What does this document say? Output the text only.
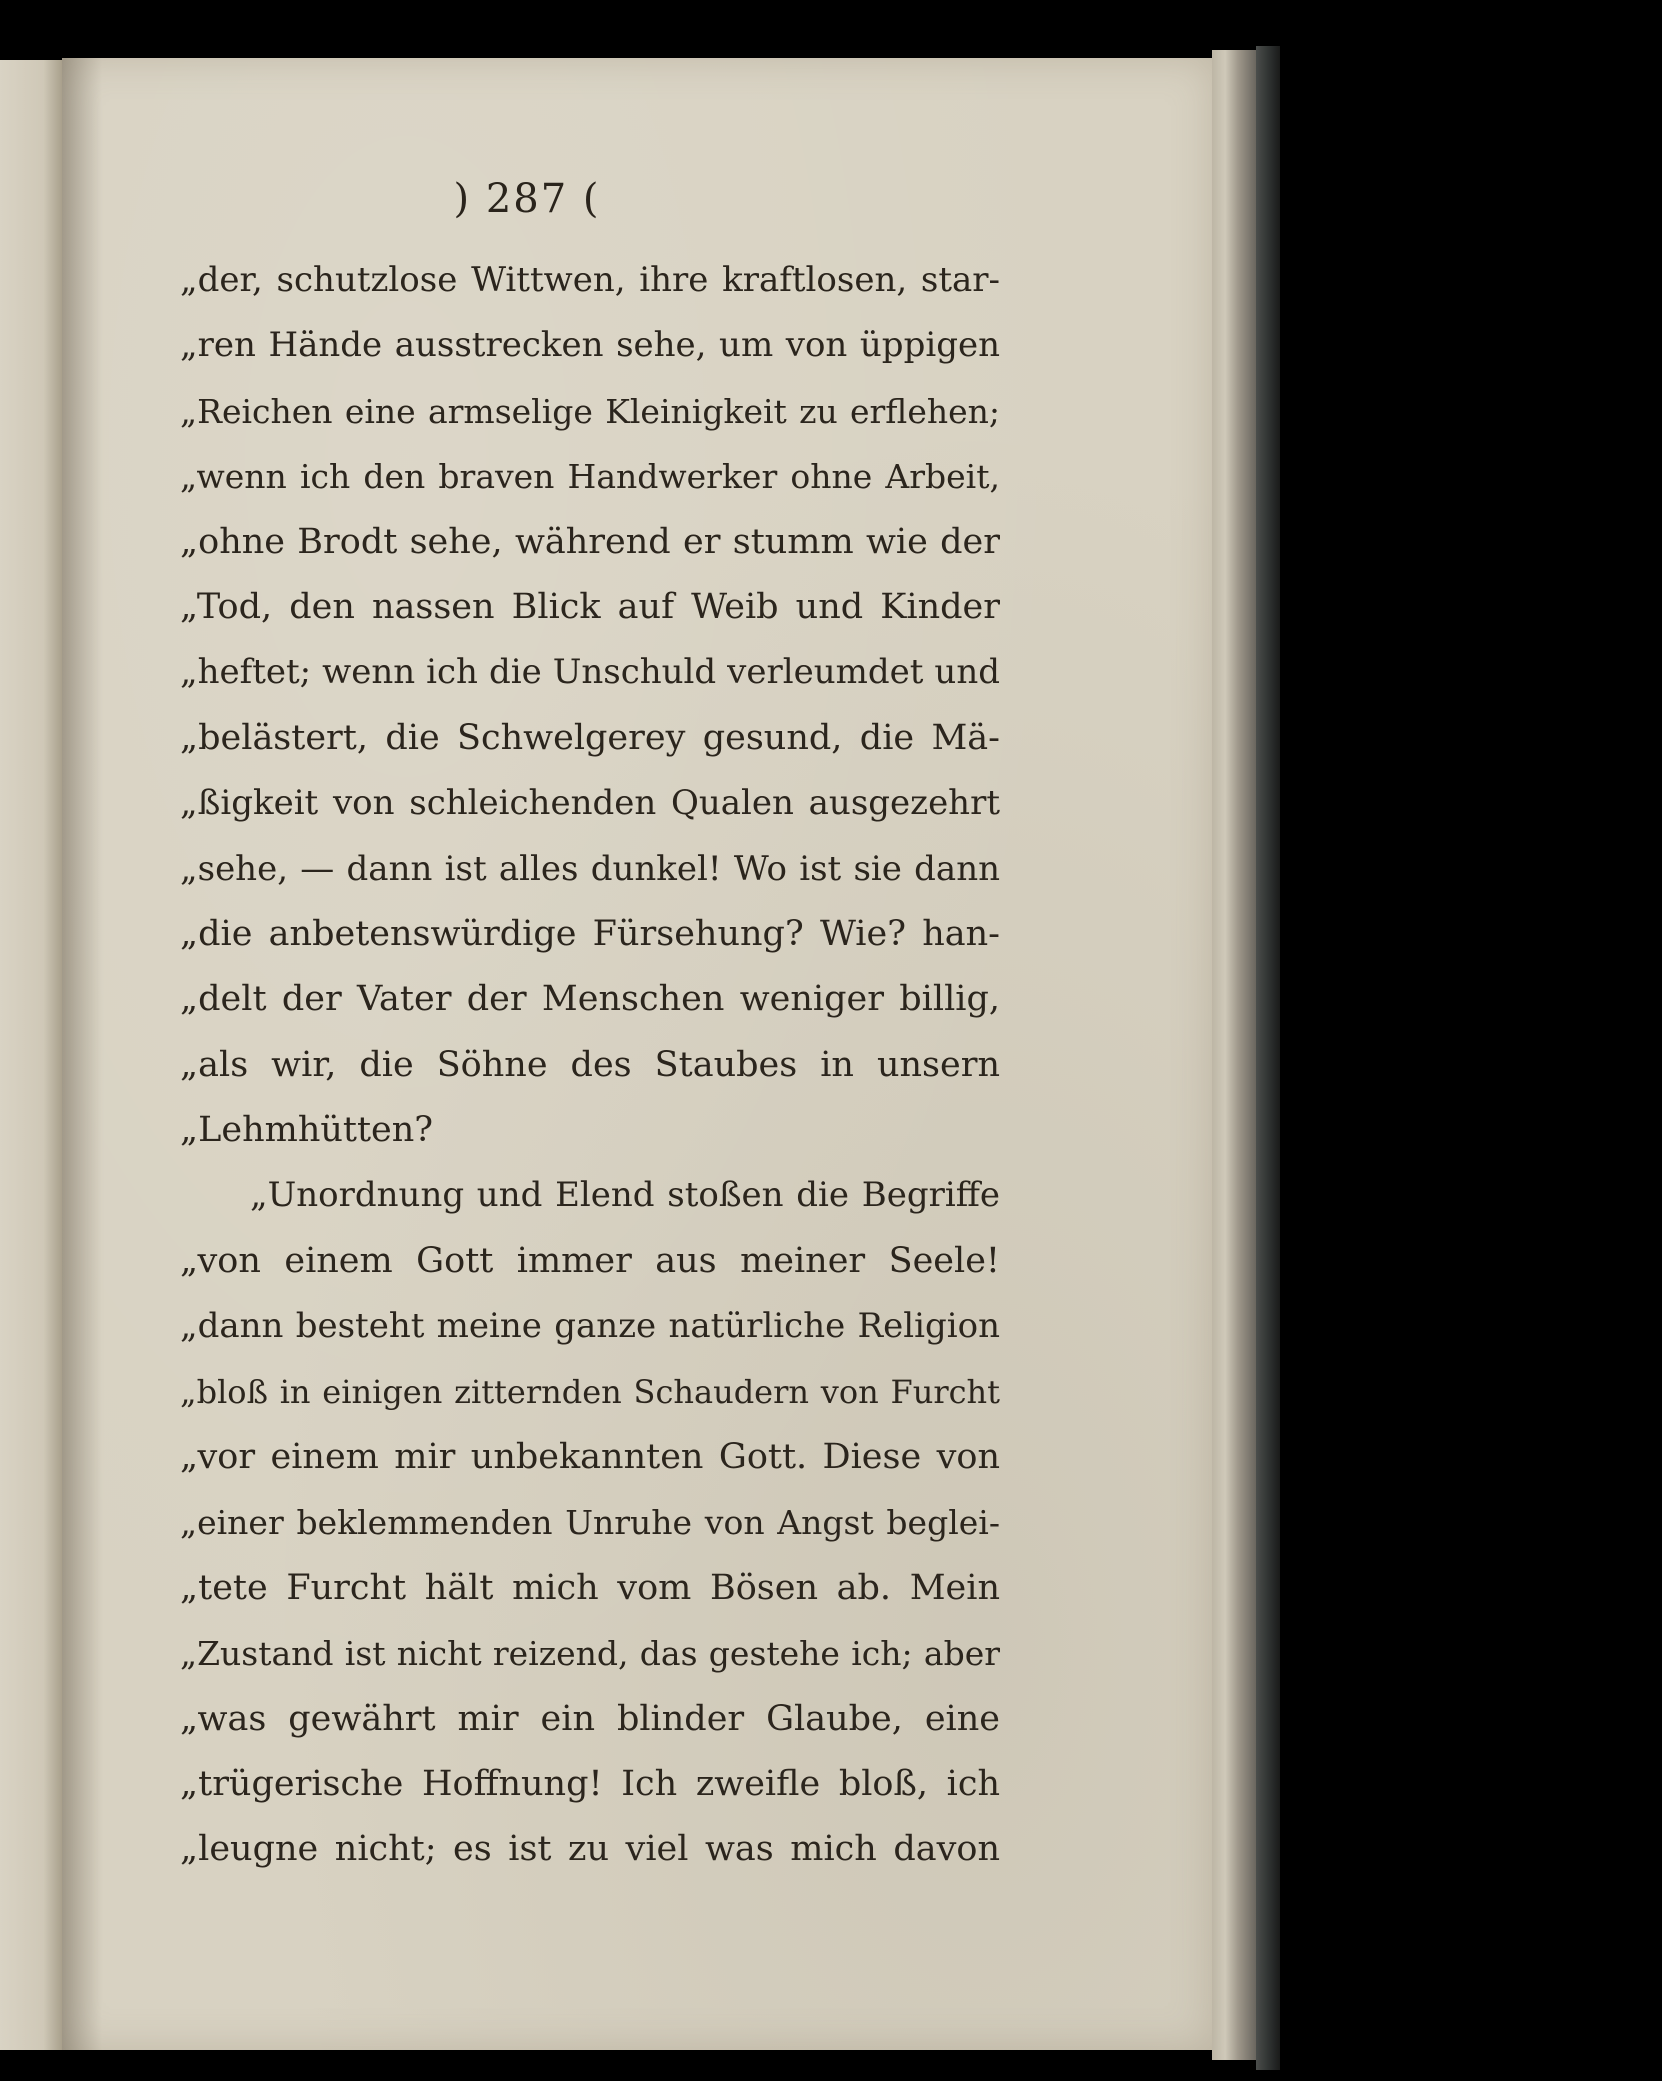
) 287 (
„der, schutzlose Wittwen, ihre kraftlosen, star-
„ren Hände ausstrecken sehe, um von üppigen
„Reichen eine armselige Kleinigkeit zu erflehen;
„wenn ich den braven Handwerker ohne Arbeit,
„ohne Brodt sehe, während er stumm wie der
„Tod, den nassen Blick auf Weib und Kinder
„heftet; wenn ich die Unschuld verleumdet und
„belästert, die Schwelgerey gesund, die Mä-
„ßigkeit von schleichenden Qualen ausgezehrt
„sehe, — dann ist alles dunkel! Wo ist sie dann
„die anbetenswürdige Fürsehung? Wie? han-
„delt der Vater der Menschen weniger billig,
„als wir, die Söhne des Staubes in unsern
„Lehmhütten?
„Unordnung und Elend stoßen die Begriffe
„von einem Gott immer aus meiner Seele!
„dann besteht meine ganze natürliche Religion
„bloß in einigen zitternden Schaudern von Furcht
„vor einem mir unbekannten Gott. Diese von
„einer beklemmenden Unruhe von Angst beglei-
„tete Furcht hält mich vom Bösen ab. Mein
„Zustand ist nicht reizend, das gestehe ich; aber
„was gewährt mir ein blinder Glaube, eine
„trügerische Hoffnung! Ich zweifle bloß, ich
„leugne nicht; es ist zu viel was mich davon
